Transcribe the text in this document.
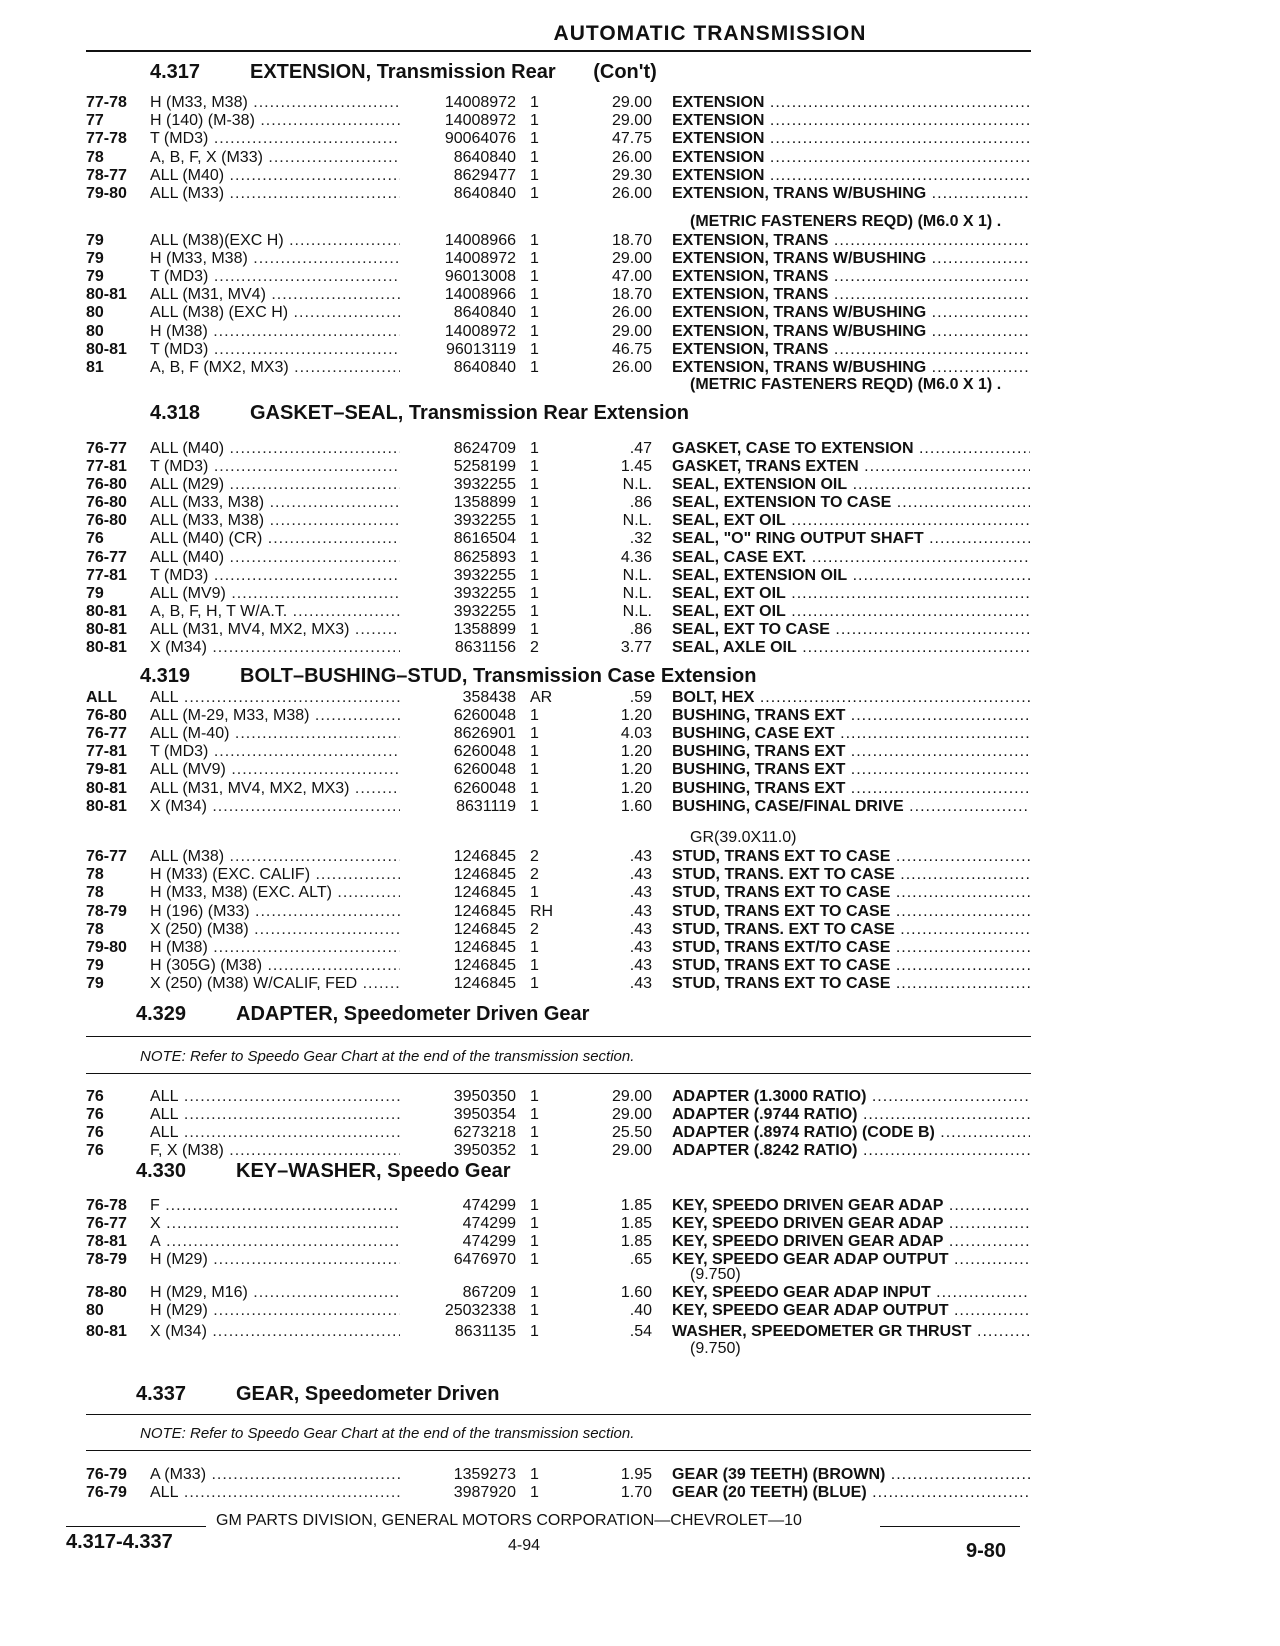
AUTOMATIC TRANSMISSION
4.317 EXTENSION, Transmission Rear (Con't)
77-78	H (M33, M38) .....	14008972 1	29.00 EXTENSION .....
77	H (140) (M-38) .....	14008972 1	29.00 EXTENSION .....
77-78	T (MD3) .....	90064076 1	47.75 EXTENSION .....
78	A, B, F, X (M33) .....	8640840 1	26.00 EXTENSION .....
78-77	ALL (M40) .....	8629477 1	29.30 EXTENSION .....
79-80	ALL (M33) .....	8640840 1	26.00 EXTENSION, TRANS W/BUSHING .....
79	ALL (M38)(EXC H) .....	14008966 1	18.70 EXTENSION, TRANS .....
79	H (M33, M38) .....	14008972 1	29.00 EXTENSION, TRANS W/BUSHING .....
79	T (MD3) .....	96013008 1	47.00 EXTENSION, TRANS .....
80-81	ALL (M31, MV4) .....	14008966 1	18.70 EXTENSION, TRANS .....
80	ALL (M38) (EXC H) .....	8640840 1	26.00 EXTENSION, TRANS W/BUSHING .....
80	H (M38) .....	14008972 1	29.00 EXTENSION, TRANS W/BUSHING .....
80-81	T (MD3) .....	96013119 1	46.75 EXTENSION, TRANS .....
81	A, B, F (MX2, MX3) .....	8640840 1	26.00 EXTENSION, TRANS W/BUSHING .....
76-77	ALL (M40) .....	8624709 1	.47 GASKET, CASE TO EXTENSION .....
77-81	T (MD3) .....	5258199 1	1.45 GASKET, TRANS EXTEN .....
76-80	ALL (M29) .....	3932255 1	N.L. SEAL, EXTENSION OIL .....
76-80	ALL (M33, M38) .....	1358899 1	.86 SEAL, EXTENSION TO CASE .....
76-80	ALL (M33, M38) .....	3932255 1	N.L. SEAL, EXT OIL .....
76	ALL (M40) (CR) .....	8616504 1	.32 SEAL, "O" RING OUTPUT SHAFT .....
76-77	ALL (M40) .....	8625893 1	4.36 SEAL, CASE EXT. .....
77-81	T (MD3) .....	3932255 1	N.L. SEAL, EXTENSION OIL .....
79	ALL (MV9) .....	3932255 1	N.L. SEAL, EXT OIL .....
80-81	A, B, F, H, T W/A.T. .....	3932255 1	N.L. SEAL, EXT OIL .....
80-81	ALL (M31, MV4, MX2, MX3) .....	1358899 1	.86 SEAL, EXT TO CASE .....
80-81	X (M34) .....	8631156 2	3.77 SEAL, AXLE OIL .....
ALL	ALL .....	358438 AR	.59 BOLT, HEX .....
76-80	ALL (M-29, M33, M38) .....	6260048 1	1.20 BUSHING, TRANS EXT .....
76-77	ALL (M-40) .....	8626901 1	4.03 BUSHING, CASE EXT .....
77-81	T (MD3) .....	6260048 1	1.20 BUSHING, TRANS EXT .....
79-81	ALL (MV9) .....	6260048 1	1.20 BUSHING, TRANS EXT .....
80-81	ALL (M31, MV4, MX2, MX3) .....	6260048 1	1.20 BUSHING, TRANS EXT .....
80-81	X (M34) .....	8631119 1	1.60 BUSHING, CASE/FINAL DRIVE .....
76-77	ALL (M38) .....	1246845 2	.43 STUD, TRANS EXT TO CASE .....
78	H (M33) (EXC. CALIF) .....	1246845 2	.43 STUD, TRANS. EXT TO CASE .....
78	H (M33, M38) (EXC. ALT) .....	1246845 1	.43 STUD, TRANS EXT TO CASE .....
78-79	H (196) (M33) .....	1246845 RH	.43 STUD, TRANS EXT TO CASE .....
78	X (250) (M38) .....	1246845 2	.43 STUD, TRANS. EXT TO CASE .....
79-80	H (M38) .....	1246845 1	.43 STUD, TRANS EXT/TO CASE .....
79	H (305G) (M38) .....	1246845 1	.43 STUD, TRANS EXT TO CASE .....
79	X (250) (M38) W/CALIF, FED .....	1246845 1	.43 STUD, TRANS EXT TO CASE .....
76	ALL .....	3950350 1	29.00 ADAPTER (1.3000 RATIO) .....
76	ALL .....	3950354 1	29.00 ADAPTER (.9744 RATIO) .....
76	ALL .....	6273218 1	25.50 ADAPTER (.8974 RATIO) (CODE B) .....
76	F, X (M38) .....	3950352 1	29.00 ADAPTER (.8242 RATIO) .....
76-78	F .....	474299 1	1.85 KEY, SPEEDO DRIVEN GEAR ADAP .....
76-77	X .....	474299 1	1.85 KEY, SPEEDO DRIVEN GEAR ADAP .....
78-81	A .....	474299 1	1.85 KEY, SPEEDO DRIVEN GEAR ADAP .....
78-79	H (M29) .....	6476970 1	.65 KEY, SPEEDO GEAR ADAP OUTPUT .....
78-80	H (M29, M16) .....	867209 1	1.60 KEY, SPEEDO GEAR ADAP INPUT .....
80	H (M29) .....	25032338 1	.40 KEY, SPEEDO GEAR ADAP OUTPUT .....
80-81	X (M34) .....	8631135 1	.54 WASHER, SPEEDOMETER GR THRUST .....
76-79	A (M33) .....	1359273 1	1.95 GEAR (39 TEETH) (BROWN) .....
76-79	ALL .....	3987920 1	1.70 GEAR (20 TEETH) (BLUE) .....
(METRIC FASTENERS REQD) (M6.0 X 1) .
(METRIC FASTENERS REQD) (M6.0 X 1) .
4.318 GASKET–SEAL, Transmission Rear Extension
4.319 BOLT–BUSHING–STUD, Transmission Case Extension
GR(39.0X11.0)
4.329 ADAPTER, Speedometer Driven Gear
NOTE: Refer to Speedo Gear Chart at the end of the transmission section.
4.330 KEY–WASHER, Speedo Gear
(9.750)
(9.750)
4.337 GEAR, Speedometer Driven
NOTE: Refer to Speedo Gear Chart at the end of the transmission section.
GM PARTS DIVISION, GENERAL MOTORS CORPORATION—CHEVROLET—10
4.317-4.337	4-94	9-80
